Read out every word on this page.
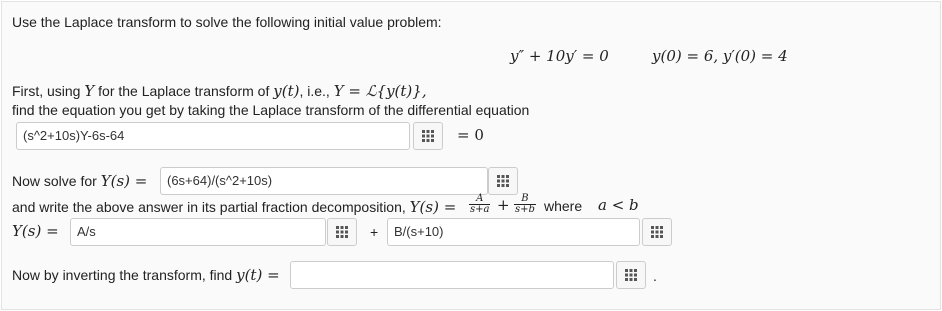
Use the Laplace transform to solve the following initial value problem:
y″ + 10y′ = 0	y(0) = 6, y′(0) = 4
First, using Y for the Laplace transform of y(t), i.e., Y = ℒ{y(t)},
find the equation you get by taking the Laplace transform of the differential equation
(s^2+10s)Y-6s-64	= 0
Now solve for Y(s) =	(6s+64)/(s^2+10s)
and write the above answer in its partial fraction decomposition, $Y(s) = \frac{A}{s+a} + \frac{B}{s+b}$ where a < b
Y(s) =	A/s	+	B/(s+10)
Now by inverting the transform, find y(t) =	.
